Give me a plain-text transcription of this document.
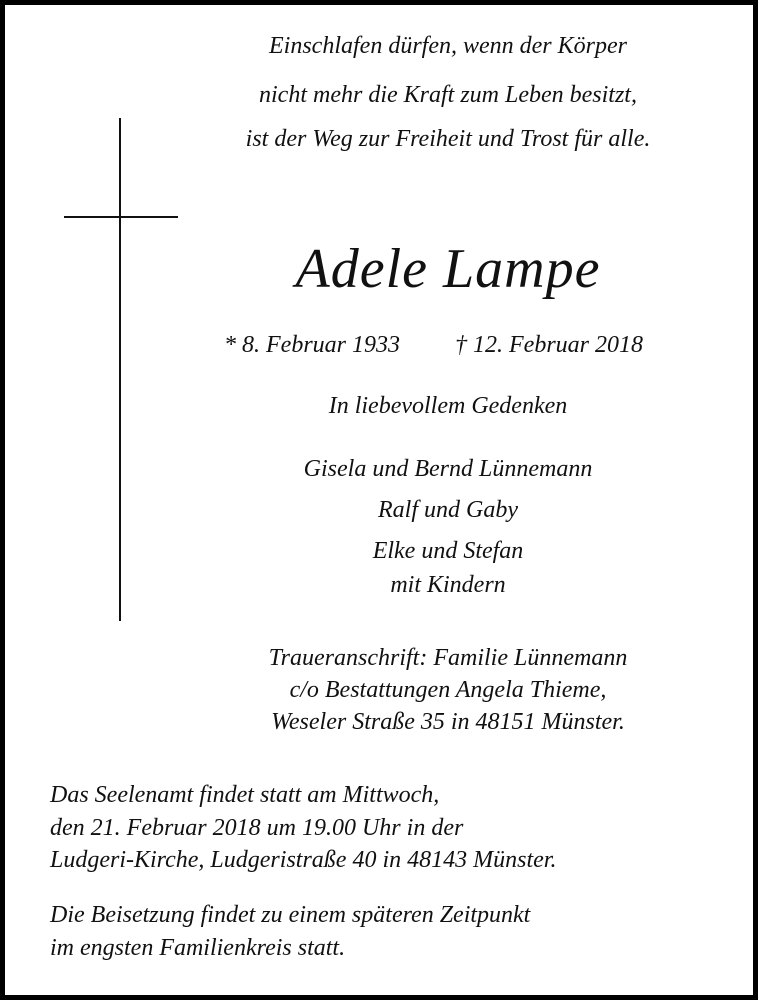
Einschlafen dürfen, wenn der Körper
nicht mehr die Kraft zum Leben besitzt,
ist der Weg zur Freiheit und Trost für alle.
Adele Lampe
* 8. Februar 1933 † 12. Februar 2018
In liebevollem Gedenken
Gisela und Bernd Lünnemann
Ralf und Gaby
Elke und Stefan
mit Kindern
Traueranschrift: Familie Lünnemann
c/o Bestattungen Angela Thieme,
Weseler Straße 35 in 48151 Münster.
Das Seelenamt findet statt am Mittwoch,
den 21. Februar 2018 um 19.00 Uhr in der
Ludgeri-Kirche, Ludgeristraße 40 in 48143 Münster.
Die Beisetzung findet zu einem späteren Zeitpunkt
im engsten Familienkreis statt.
